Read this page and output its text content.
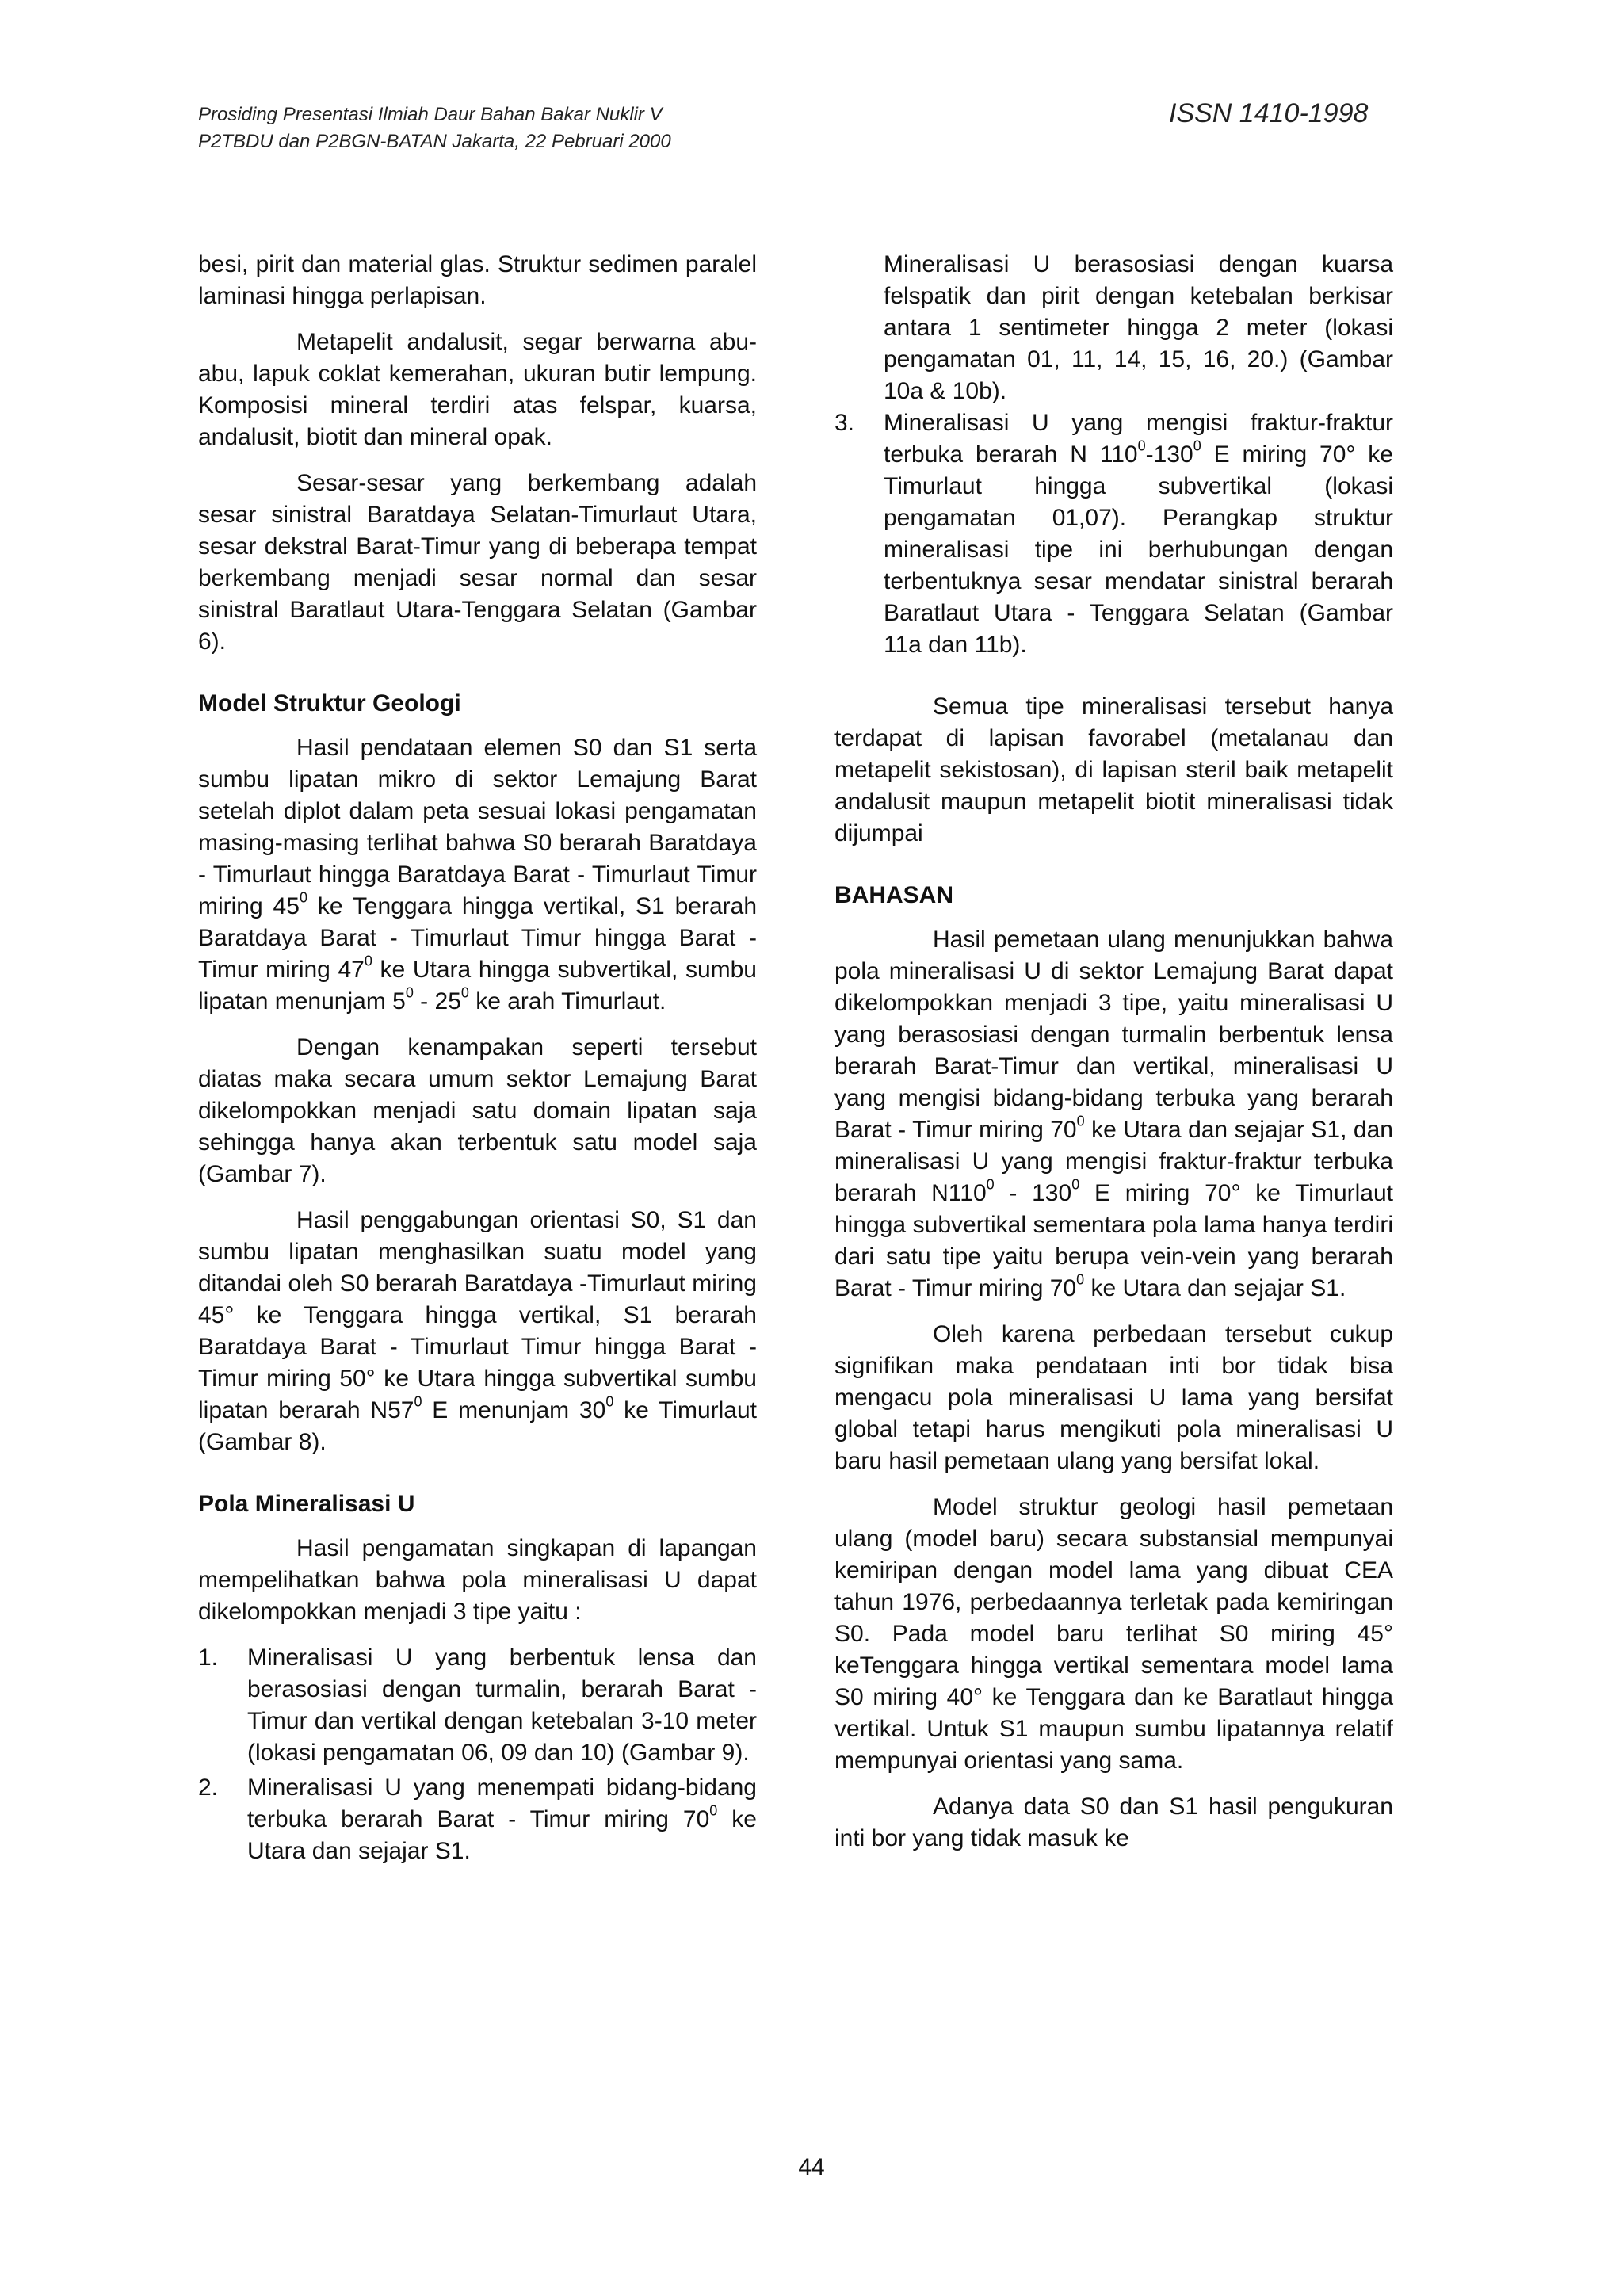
Prosiding Presentasi Ilmiah Daur Bahan Bakar Nuklir V
P2TBDU dan P2BGN-BATAN Jakarta, 22 Pebruari 2000
ISSN 1410-1998

besi, pirit dan material glas. Struktur sedimen paralel laminasi hingga perlapisan.

Metapelit andalusit, segar berwarna abu-abu, lapuk coklat kemerahan, ukuran butir lempung. Komposisi mineral terdiri atas felspar, kuarsa, andalusit, biotit dan mineral opak.

Sesar-sesar yang berkembang adalah sesar sinistral Baratdaya Selatan-Timurlaut Utara, sesar dekstral Barat-Timur yang di beberapa tempat berkembang menjadi sesar normal dan sesar sinistral Baratlaut Utara-Tenggara Selatan (Gambar 6).

Model Struktur Geologi

Hasil pendataan elemen S0 dan S1 serta sumbu lipatan mikro di sektor Lemajung Barat setelah diplot dalam peta sesuai lokasi pengamatan masing-masing terlihat bahwa S0 berarah Baratdaya - Timurlaut hingga Baratdaya Barat - Timurlaut Timur miring $45^0$ ke Tenggara hingga vertikal, S1 berarah Baratdaya Barat - Timurlaut Timur hingga Barat - Timur miring $47^0$ ke Utara hingga subvertikal, sumbu lipatan menunjam $5^0 - 25^0$ ke arah Timurlaut.

Dengan kenampakan seperti tersebut diatas maka secara umum sektor Lemajung Barat dikelompokkan menjadi satu domain lipatan saja sehingga hanya akan terbentuk satu model saja (Gambar 7).

Hasil penggabungan orientasi S0, S1 dan sumbu lipatan menghasilkan suatu model yang ditandai oleh S0 berarah Baratdaya -Timurlaut miring 45° ke Tenggara hingga vertikal, S1 berarah Baratdaya Barat - Timurlaut Timur hingga Barat -Timur miring 50° ke Utara hingga subvertikal sumbu lipatan berarah $N57^0$ E menunjam $30^0$ ke Timurlaut (Gambar 8).

Pola Mineralisasi U

Hasil pengamatan singkapan di lapangan mempelihatkan bahwa pola mineralisasi U dapat dikelompokkan menjadi 3 tipe yaitu :

1.	Mineralisasi U yang berbentuk lensa dan berasosiasi dengan turmalin, berarah Barat - Timur dan vertikal dengan ketebalan 3-10 meter (lokasi pengamatan 06, 09 dan 10) (Gambar 9).
2.	Mineralisasi U yang menempati bidang-bidang terbuka berarah Barat - Timur miring $70^0$ ke Utara dan sejajar S1.
Mineralisasi U berasosiasi dengan kuarsa felspatik dan pirit dengan ketebalan berkisar antara 1 sentimeter hingga 2 meter (lokasi pengamatan 01, 11, 14, 15, 16, 20.) (Gambar 10a & 10b).
3.	Mineralisasi U yang mengisi fraktur-fraktur terbuka berarah N $110^0-130^0$ E miring 70° ke Timurlaut hingga subvertikal (lokasi pengamatan 01,07). Perangkap struktur mineralisasi tipe ini berhubungan dengan terbentuknya sesar mendatar sinistral berarah Baratlaut Utara - Tenggara Selatan (Gambar 11a dan 11b).

Semua tipe mineralisasi tersebut hanya terdapat di lapisan favorabel (metalanau dan metapelit sekistosan), di lapisan steril baik metapelit andalusit maupun metapelit biotit mineralisasi tidak dijumpai

BAHASAN

Hasil pemetaan ulang menunjukkan bahwa pola mineralisasi U di sektor Lemajung Barat dapat dikelompokkan menjadi 3 tipe, yaitu mineralisasi U yang berasosiasi dengan turmalin berbentuk lensa berarah Barat-Timur dan vertikal, mineralisasi U yang mengisi bidang-bidang terbuka yang berarah Barat - Timur miring $70^0$ ke Utara dan sejajar S1, dan mineralisasi U yang mengisi fraktur-fraktur terbuka berarah $N110^0 - 130^0$ E miring 70° ke Timurlaut hingga subvertikal sementara pola lama hanya terdiri dari satu tipe yaitu berupa vein-vein yang berarah Barat - Timur miring $70^0$ ke Utara dan sejajar S1.

Oleh karena perbedaan tersebut cukup signifikan maka pendataan inti bor tidak bisa mengacu pola mineralisasi U lama yang bersifat global tetapi harus mengikuti pola mineralisasi U baru hasil pemetaan ulang yang bersifat lokal.

Model struktur geologi hasil pemetaan ulang (model baru) secara substansial mempunyai kemiripan dengan model lama yang dibuat CEA tahun 1976, perbedaannya terletak pada kemiringan S0. Pada model baru terlihat S0 miring 45° keTenggara hingga vertikal sementara model lama S0 miring 40° ke Tenggara dan ke Baratlaut hingga vertikal. Untuk S1 maupun sumbu lipatannya relatif mempunyai orientasi yang sama.

Adanya data S0 dan S1 hasil pengukuran inti bor yang tidak masuk ke

44
